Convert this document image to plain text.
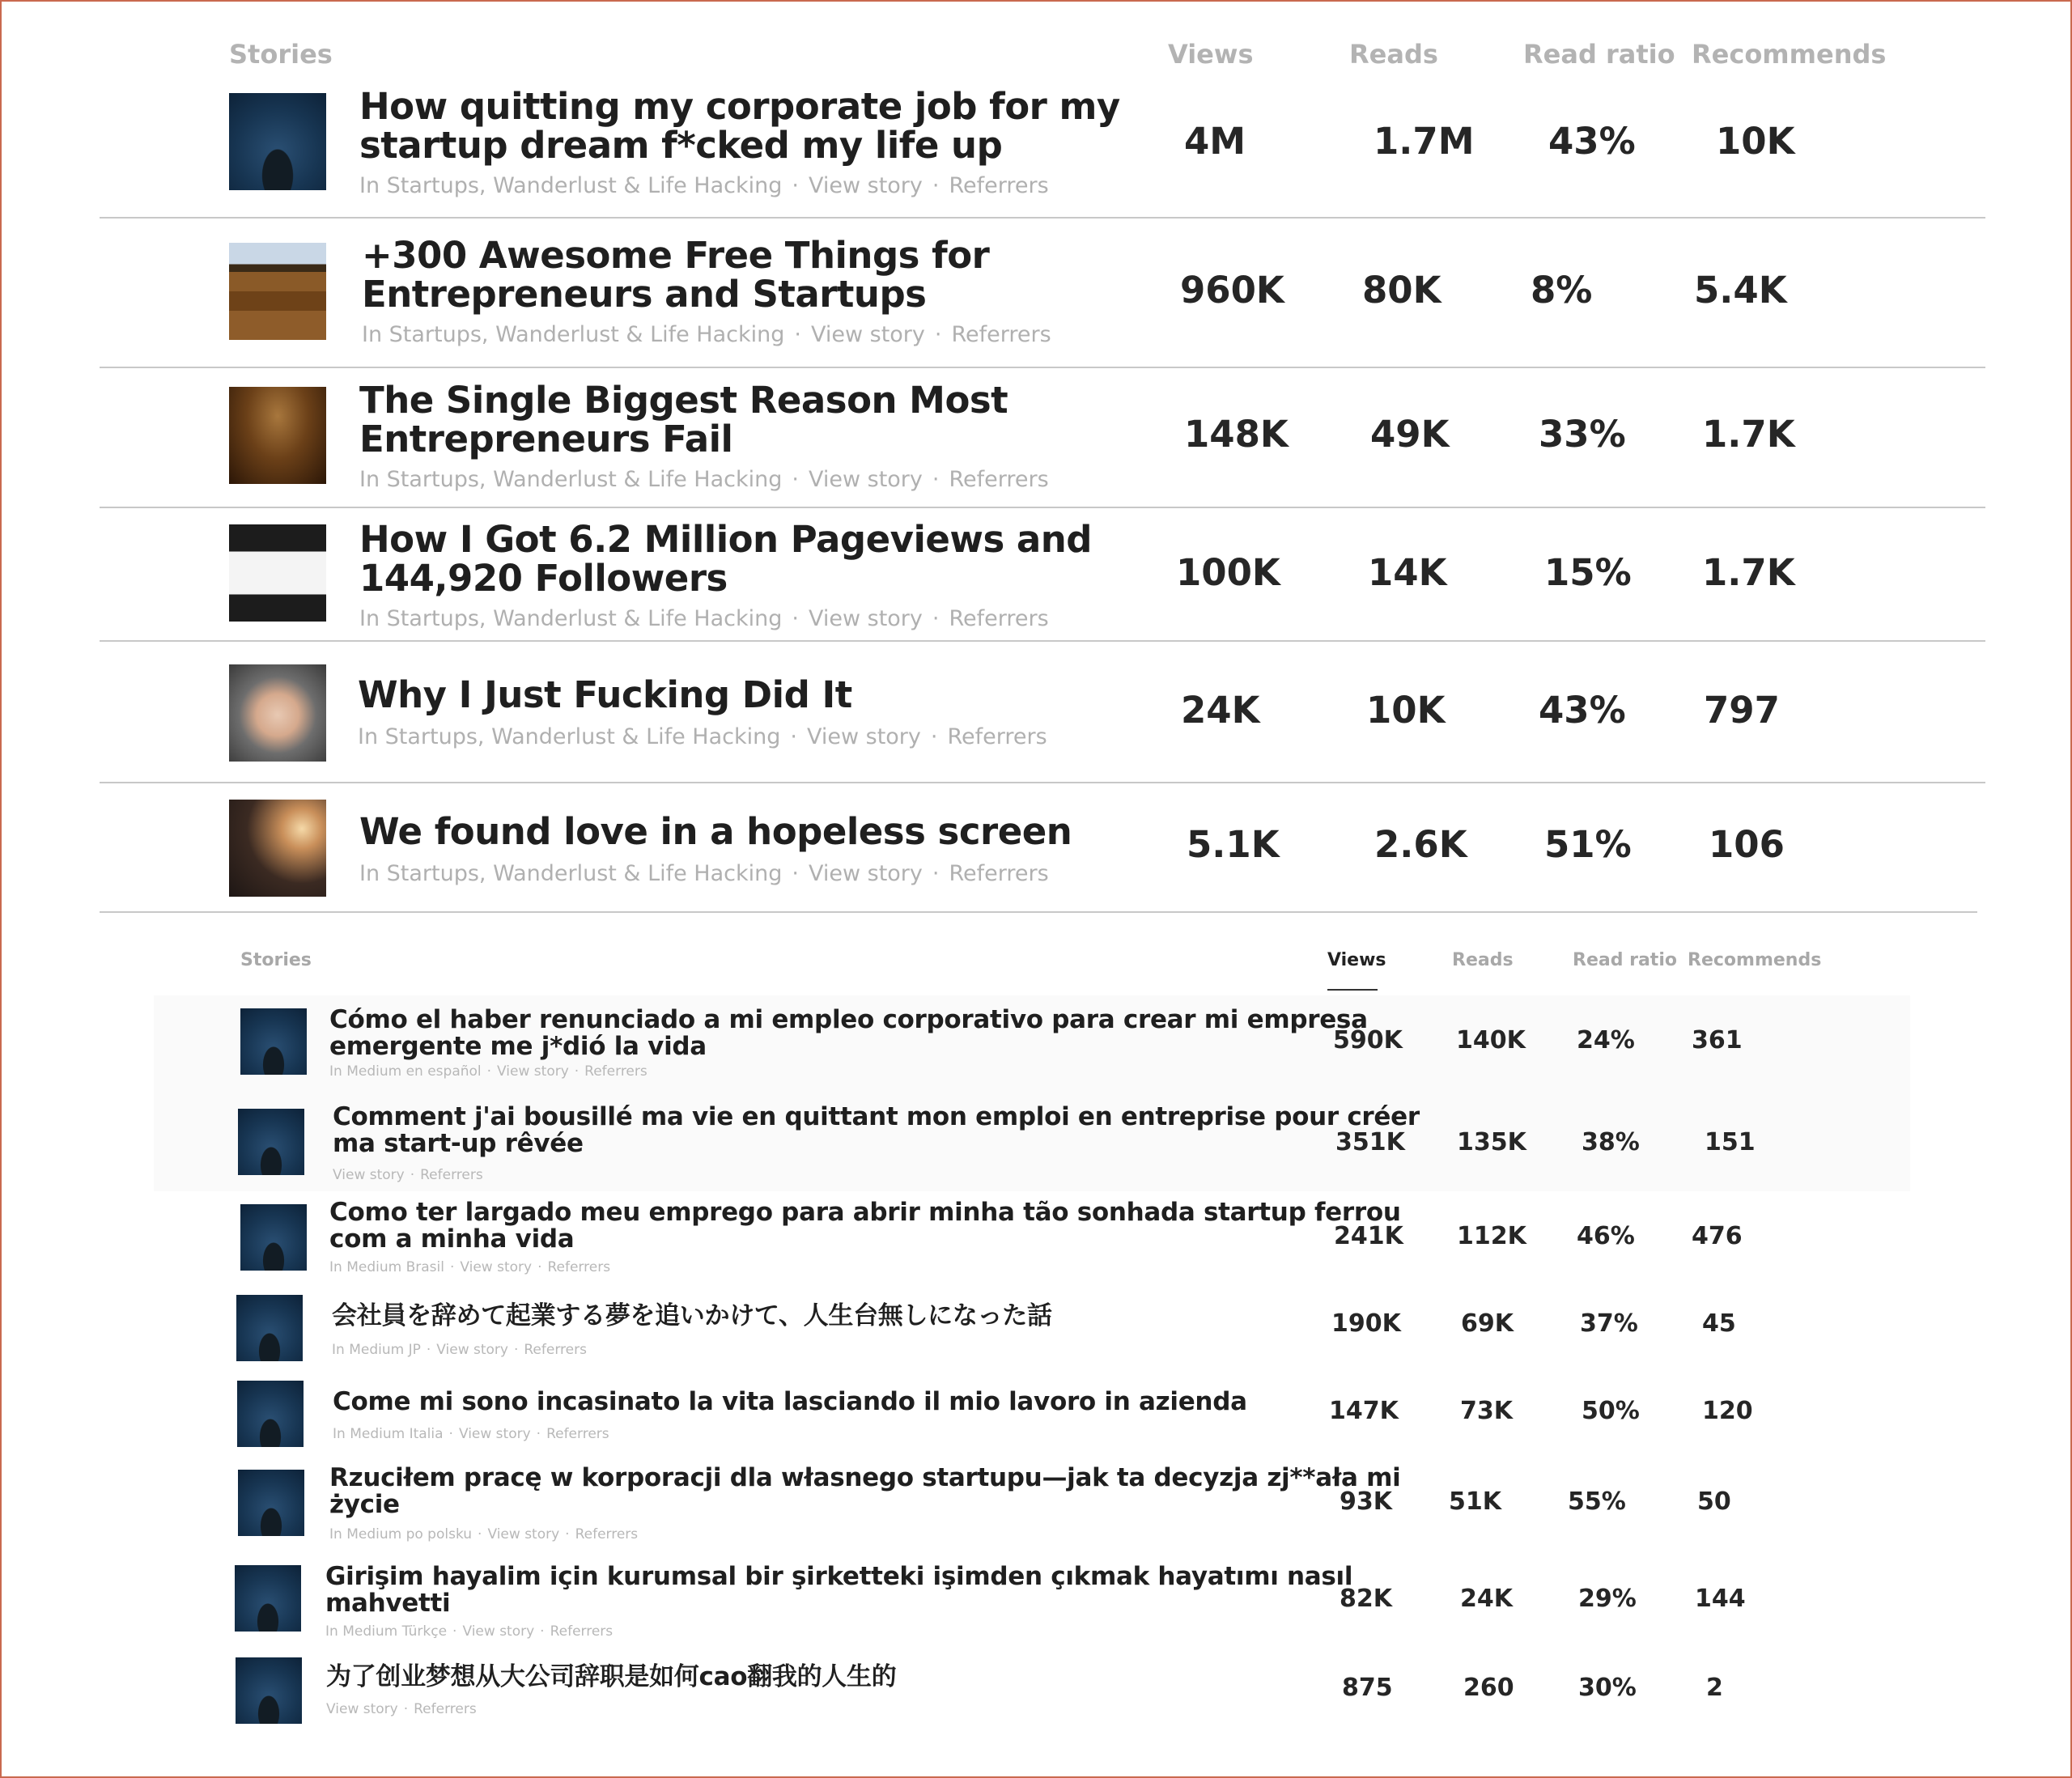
Stories	Views	Reads	Read ratio Recommends
How quitting my corporate job for my startup dream f*cked my life up
In Startups, Wanderlust & Life Hacking · View story · Referrers
4M	1.7M 43% 10K
+300 Awesome Free Things for Entrepreneurs and Startups
In Startups, Wanderlust & Life Hacking · View story · Referrers
960K 80K 8%	5.4K
The Single Biggest Reason Most Entrepreneurs Fail
In Startups, Wanderlust & Life Hacking · View story · Referrers
148K 49K 33% 1.7K
How I Got 6.2 Million Pageviews and 144,920 Followers
In Startups, Wanderlust & Life Hacking · View story · Referrers
100K 14K	15% 1.7K
Why I Just Fucking Did It
In Startups, Wanderlust & Life Hacking · View story · Referrers
24K	10K	43% 797
We found love in a hopeless screen
In Startups, Wanderlust & Life Hacking · View story · Referrers
5.1K	2.6K 51% 106
Stories	Views	Reads	Read ratio Recommends
Cómo el haber renunciado a mi empleo corporativo para crear mi empresa emergente me j*dió la vida
In Medium en español · View story · Referrers
590K 140K 24% 361
Comment j'ai bousillé ma vie en quittant mon emploi en entreprise pour créer ma start-up rêvée
View story · Referrers
351K 135K 38%	151
Como ter largado meu emprego para abrir minha tão sonhada startup ferrou com a minha vida
In Medium Brasil · View story · Referrers
241K 112K 46% 476
会社員を辞めて起業する夢を追いかけて、人生台無しになった話
In Medium JP · View story · Referrers
190K 69K	37%	45
Come mi sono incasinato la vita lasciando il mio lavoro in azienda
In Medium Italia · View story · Referrers
147K	73K	50%	120
Rzuciłem pracę w korporacji dla własnego startupu—jak ta decyzja zj**ała mi życie
In Medium po polsku · View story · Referrers
93K 51K	55%	50
Girişim hayalim için kurumsal bir şirketteki işimden çıkmak hayatımı nasıl mahvetti
In Medium Türkçe · View story · Referrers
82K	24K	29% 144
为了创业梦想从大公司辞职是如何cao翻我的人生的
View story · Referrers
875	260	30%	2
